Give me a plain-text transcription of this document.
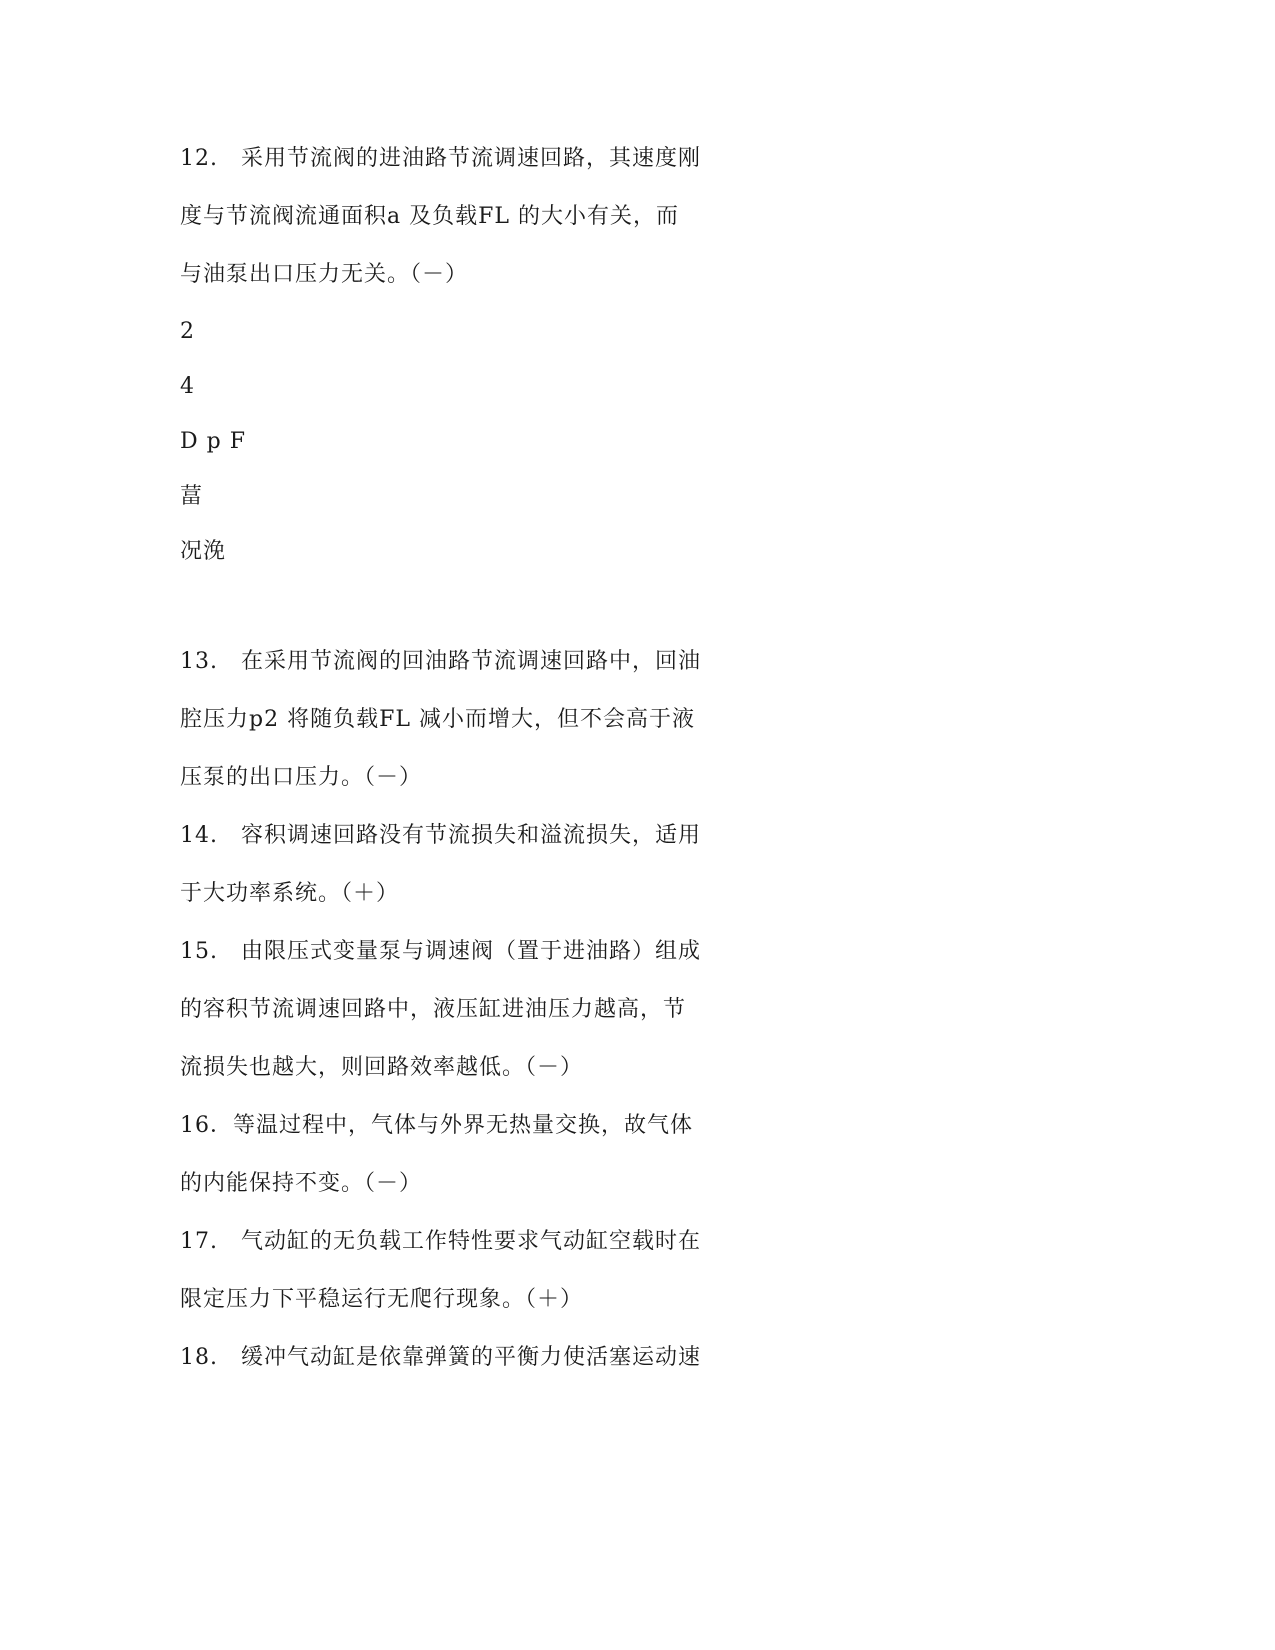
12.　采用节流阀的进油路节流调速回路，其速度刚
度与节流阀流通面积a 及负载FL 的大小有关，而
与油泵出口压力无关。（－）
2
4
D p F
葍
况浼
13.　在采用节流阀的回油路节流调速回路中，回油
腔压力p2 将随负载FL 减小而增大，但不会高于液
压泵的出口压力。（－）
14.　容积调速回路没有节流损失和溢流损失，适用
于大功率系统。（＋）
15.　由限压式变量泵与调速阀（置于进油路）组成
的容积节流调速回路中，液压缸进油压力越高，节
流损失也越大，则回路效率越低。（－）
16．等温过程中，气体与外界无热量交换，故气体
的内能保持不变。（－）
17.　气动缸的无负载工作特性要求气动缸空载时在
限定压力下平稳运行无爬行现象。（＋）
18.　缓冲气动缸是依靠弹簧的平衡力使活塞运动速
